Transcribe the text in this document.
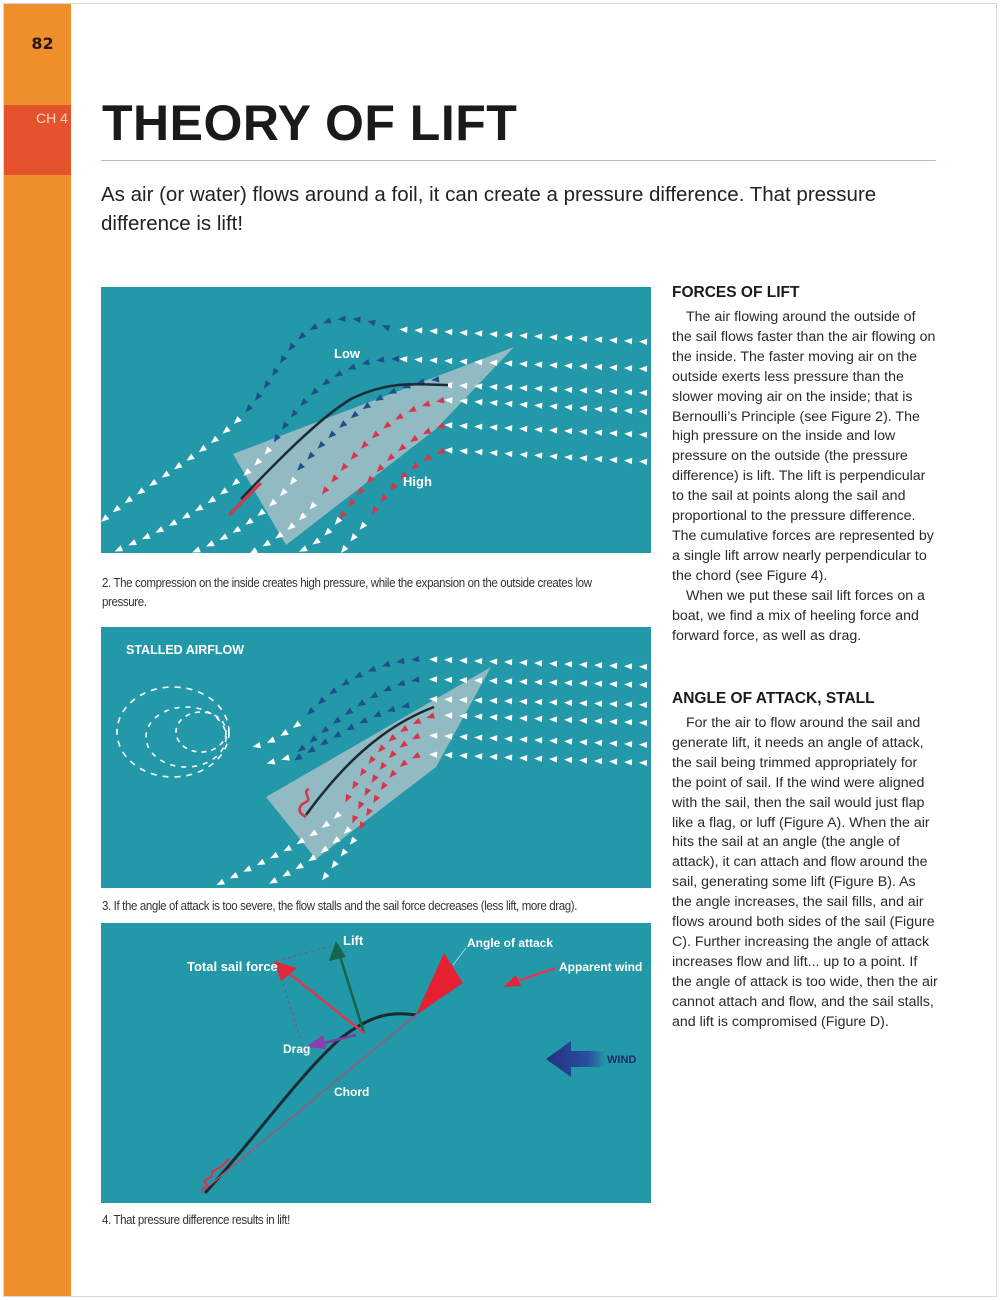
82
CH 4 THEORY OF LIFT
As air (or water) flows around a foil, it can create a pressure difference. That pressure difference is lift!
Low
High
2. The compression on the inside creates high pressure, while the expansion on the outside creates low pressure.
STALLED AIRFLOW
3. If the angle of attack is too severe, the flow stalls and the sail force decreases (less lift, more drag).
Lift	Angle of attack
Total sail force	Apparent wind
Drag
Chord
WIND
4. That pressure difference results in lift!
FORCES OF LIFT

The air flowing around the outside of the sail flows faster than the air flowing on the inside. The faster moving air on the outside exerts less pressure than the slower moving air on the inside; that is Bernoulli’s Principle (see Figure 2). The high pressure on the inside and low pressure on the outside (the pressure difference) is lift. The lift is perpendicular to the sail at points along the sail and proportional to the pressure difference. The cumulative forces are represented by a single lift arrow nearly perpendicular to the chord (see Figure 4).

When we put these sail lift forces on a boat, we find a mix of heeling force and forward force, as well as drag.

ANGLE OF ATTACK, STALL

For the air to flow around the sail and generate lift, it needs an angle of attack, the sail being trimmed appropriately for the point of sail. If the wind were aligned with the sail, then the sail would just flap like a flag, or luff (Figure A). When the air hits the sail at an angle (the angle of attack), it can attach and flow around the sail, generating some lift (Figure B). As the angle increases, the sail fills, and air flows around both sides of the sail (Figure C). Further increasing the angle of attack increases flow and lift... up to a point. If the angle of attack is too wide, then the air cannot attach and flow, and the sail stalls, and lift is compromised (Figure D).
